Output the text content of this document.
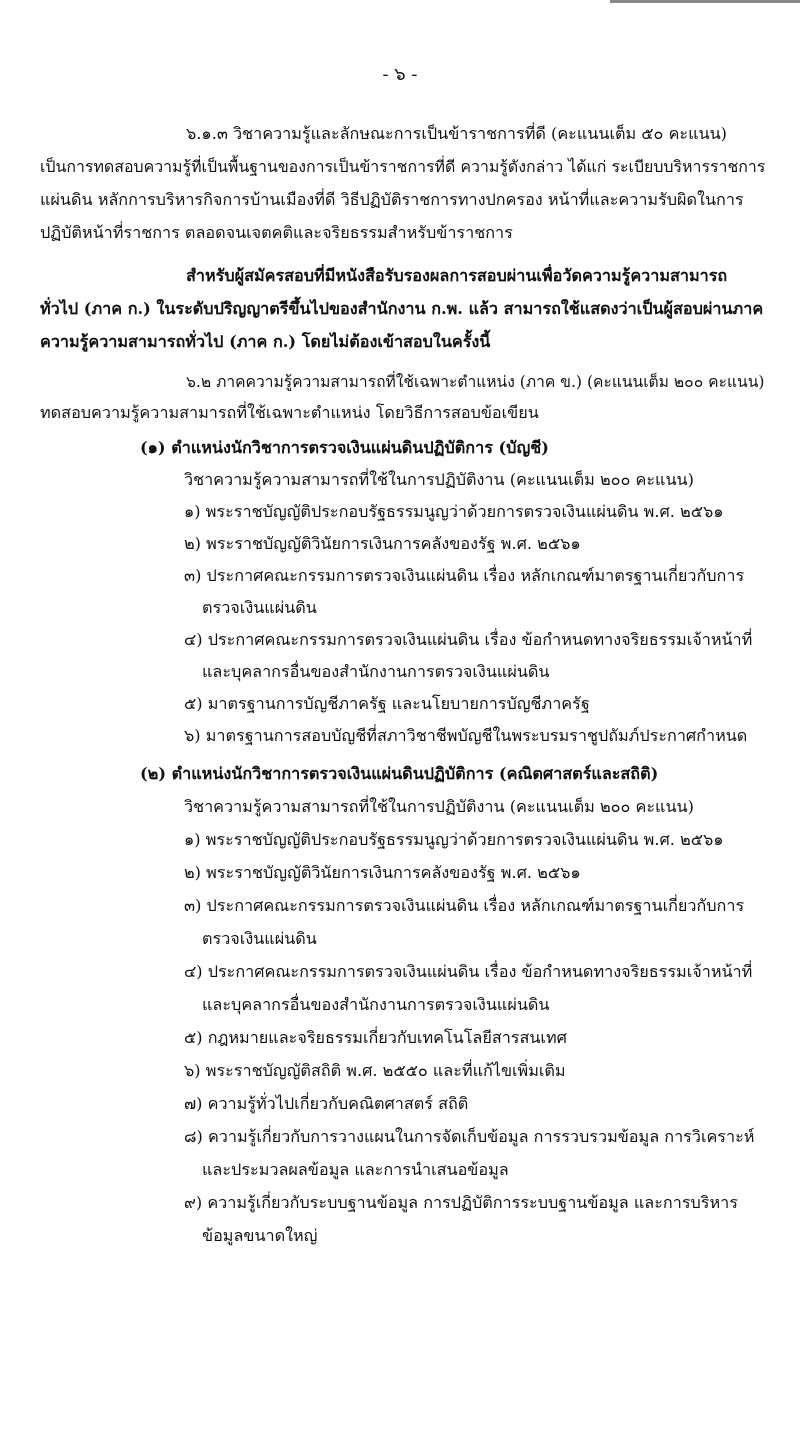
- ๖ -
๖.๑.๓ วิชาความรู้และลักษณะการเป็นข้าราชการที่ดี (คะแนนเต็ม ๕๐ คะแนน)
เป็นการทดสอบความรู้ที่เป็นพื้นฐานของการเป็นข้าราชการที่ดี ความรู้ดังกล่าว ได้แก่ ระเบียบบริหารราชการ
แผ่นดิน หลักการบริหารกิจการบ้านเมืองที่ดี วิธีปฏิบัติราชการทางปกครอง หน้าที่และความรับผิดในการ
ปฏิบัติหน้าที่ราชการ ตลอดจนเจตคติและจริยธรรมสำหรับข้าราชการ
สำหรับผู้สมัครสอบที่มีหนังสือรับรองผลการสอบผ่านเพื่อวัดความรู้ความสามารถ
ทั่วไป (ภาค ก.) ในระดับปริญญาตรีขึ้นไปของสำนักงาน ก.พ. แล้ว สามารถใช้แสดงว่าเป็นผู้สอบผ่านภาค
ความรู้ความสามารถทั่วไป (ภาค ก.) โดยไม่ต้องเข้าสอบในครั้งนี้
๖.๒ ภาคความรู้ความสามารถที่ใช้เฉพาะตำแหน่ง (ภาค ข.) (คะแนนเต็ม ๒๐๐ คะแนน)
ทดสอบความรู้ความสามารถที่ใช้เฉพาะตำแหน่ง โดยวิธีการสอบข้อเขียน
(๑) ตำแหน่งนักวิชาการตรวจเงินแผ่นดินปฏิบัติการ (บัญชี)
วิชาความรู้ความสามารถที่ใช้ในการปฏิบัติงาน (คะแนนเต็ม ๒๐๐ คะแนน)
๑) พระราชบัญญัติประกอบรัฐธรรมนูญว่าด้วยการตรวจเงินแผ่นดิน พ.ศ. ๒๕๖๑
๒) พระราชบัญญัติวินัยการเงินการคลังของรัฐ พ.ศ. ๒๕๖๑
๓) ประกาศคณะกรรมการตรวจเงินแผ่นดิน เรื่อง หลักเกณฑ์มาตรฐานเกี่ยวกับการ
ตรวจเงินแผ่นดิน
๔) ประกาศคณะกรรมการตรวจเงินแผ่นดิน เรื่อง ข้อกำหนดทางจริยธรรมเจ้าหน้าที่
และบุคลากรอื่นของสำนักงานการตรวจเงินแผ่นดิน
๕) มาตรฐานการบัญชีภาครัฐ และนโยบายการบัญชีภาครัฐ
๖) มาตรฐานการสอบบัญชีที่สภาวิชาชีพบัญชีในพระบรมราชูปถัมภ์ประกาศกำหนด
(๒) ตำแหน่งนักวิชาการตรวจเงินแผ่นดินปฏิบัติการ (คณิตศาสตร์และสถิติ)
วิชาความรู้ความสามารถที่ใช้ในการปฏิบัติงาน (คะแนนเต็ม ๒๐๐ คะแนน)
๑) พระราชบัญญัติประกอบรัฐธรรมนูญว่าด้วยการตรวจเงินแผ่นดิน พ.ศ. ๒๕๖๑
๒) พระราชบัญญัติวินัยการเงินการคลังของรัฐ พ.ศ. ๒๕๖๑
๓) ประกาศคณะกรรมการตรวจเงินแผ่นดิน เรื่อง หลักเกณฑ์มาตรฐานเกี่ยวกับการ
ตรวจเงินแผ่นดิน
๔) ประกาศคณะกรรมการตรวจเงินแผ่นดิน เรื่อง ข้อกำหนดทางจริยธรรมเจ้าหน้าที่
และบุคลากรอื่นของสำนักงานการตรวจเงินแผ่นดิน
๕) กฎหมายและจริยธรรมเกี่ยวกับเทคโนโลยีสารสนเทศ
๖) พระราชบัญญัติสถิติ พ.ศ. ๒๕๕๐ และที่แก้ไขเพิ่มเติม
๗) ความรู้ทั่วไปเกี่ยวกับคณิตศาสตร์ สถิติ
๘) ความรู้เกี่ยวกับการวางแผนในการจัดเก็บข้อมูล การรวบรวมข้อมูล การวิเคราะห์
และประมวลผลข้อมูล และการนำเสนอข้อมูล
๙) ความรู้เกี่ยวกับระบบฐานข้อมูล การปฏิบัติการระบบฐานข้อมูล และการบริหาร
ข้อมูลขนาดใหญ่
